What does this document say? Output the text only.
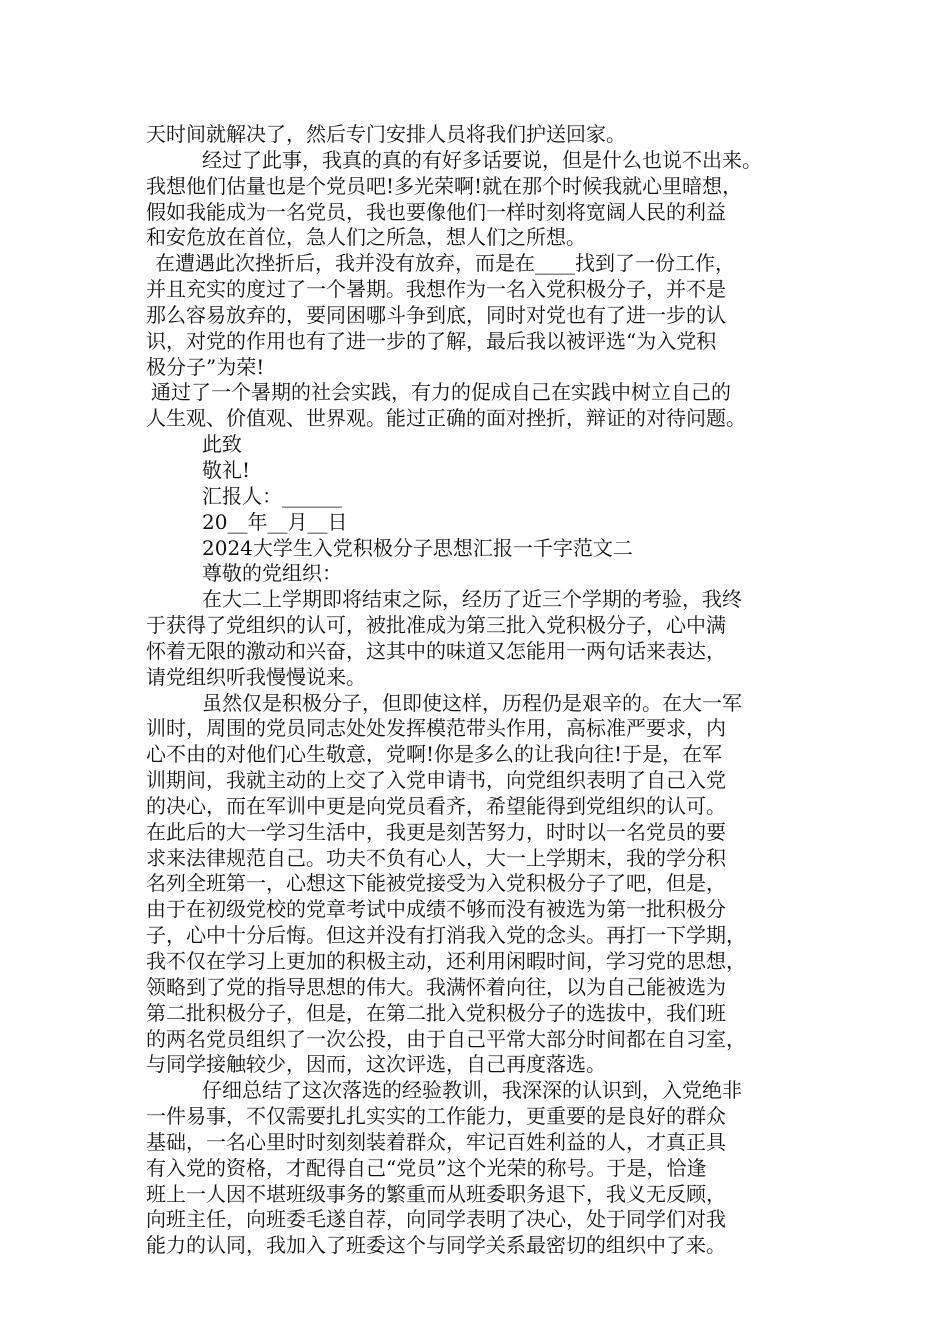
天时间就解决了，然后专门安排人员将我们护送回家。
经过了此事，我真的真的有好多话要说，但是什么也说不出来。
我想他们估量也是个党员吧!多光荣啊!就在那个时候我就心里暗想，
假如我能成为一名党员，我也要像他们一样时刻将宽阔人民的利益
和安危放在首位，急人们之所急，想人们之所想。
在遭遇此次挫折后，我并没有放弃，而是在____找到了一份工作，
并且充实的度过了一个暑期。我想作为一名入党积极分子，并不是
那么容易放弃的，要同困哪斗争到底，同时对党也有了进一步的认
识，对党的作用也有了进一步的了解，最后我以被评选“为入党积
极分子”为荣!
通过了一个暑期的社会实践，有力的促成自己在实践中树立自己的
人生观、价值观、世界观。能过正确的面对挫折，辩证的对待问题。
此致
敬礼!
汇报人：______
20__年__月__日
2024大学生入党积极分子思想汇报一千字范文二
尊敬的党组织：
在大二上学期即将结束之际，经历了近三个学期的考验，我终
于获得了党组织的认可，被批准成为第三批入党积极分子，心中满
怀着无限的激动和兴奋，这其中的味道又怎能用一两句话来表达，
请党组织听我慢慢说来。
虽然仅是积极分子，但即使这样，历程仍是艰辛的。在大一军
训时，周围的党员同志处处发挥模范带头作用，高标准严要求，内
心不由的对他们心生敬意，党啊!你是多么的让我向往!于是，在军
训期间，我就主动的上交了入党申请书，向党组织表明了自己入党
的决心，而在军训中更是向党员看齐，希望能得到党组织的认可。
在此后的大一学习生活中，我更是刻苦努力，时时以一名党员的要
求来法律规范自己。功夫不负有心人，大一上学期末，我的学分积
名列全班第一，心想这下能被党接受为入党积极分子了吧，但是，
由于在初级党校的党章考试中成绩不够而没有被选为第一批积极分
子，心中十分后悔。但这并没有打消我入党的念头。再打一下学期，
我不仅在学习上更加的积极主动，还利用闲暇时间，学习党的思想，
领略到了党的指导思想的伟大。我满怀着向往，以为自己能被选为
第二批积极分子，但是，在第二批入党积极分子的选拔中，我们班
的两名党员组织了一次公投，由于自己平常大部分时间都在自习室，
与同学接触较少，因而，这次评选，自己再度落选。
仔细总结了这次落选的经验教训，我深深的认识到，入党绝非
一件易事，不仅需要扎扎实实的工作能力，更重要的是良好的群众
基础，一名心里时时刻刻装着群众，牢记百姓利益的人，才真正具
有入党的资格，才配得自己“党员”这个光荣的称号。于是，恰逢
班上一人因不堪班级事务的繁重而从班委职务退下，我义无反顾，
向班主任，向班委毛遂自荐，向同学表明了决心，处于同学们对我
能力的认同，我加入了班委这个与同学关系最密切的组织中了来。
